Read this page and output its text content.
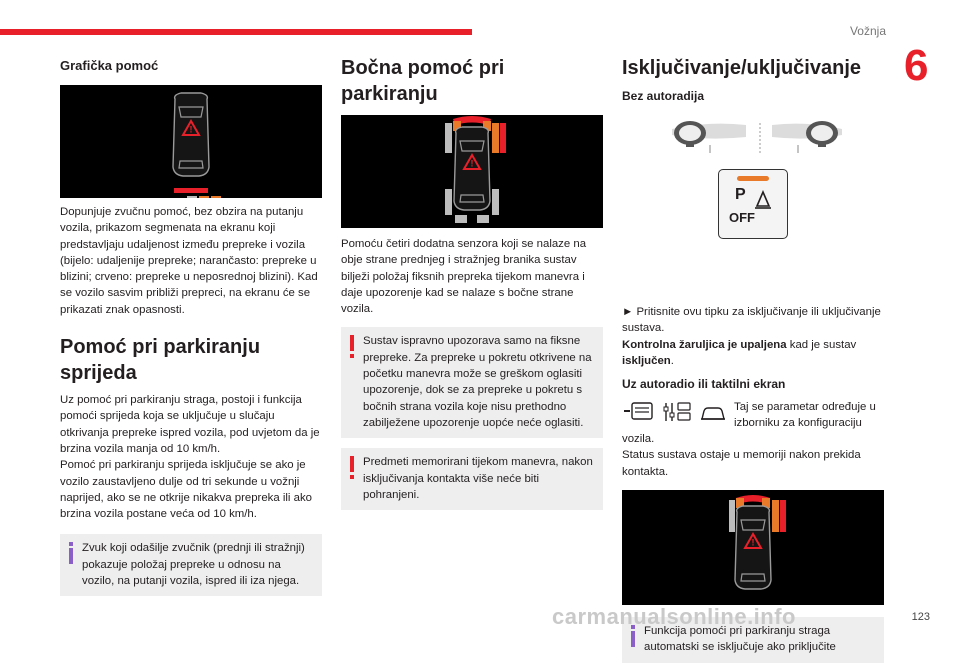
Vožnja
6

Grafička pomoć

!

Dopunjuje zvučnu pomoć, bez obzira na putanju vozila, prikazom segmenata na ekranu koji predstavljaju udaljenost između prepreke i vozila (bijelo: udaljenije prepreke; narančasto: prepreke u blizini; crveno: prepreke u neposrednoj blizini). Kad se vozilo sasvim približi prepreci, na ekranu će se prikazati znak opasnosti.

Pomoć pri parkiranju sprijeda

Uz pomoć pri parkiranju straga, postoji i funkcija pomoći sprijeda koja se uključuje u slučaju otkrivanja prepreke ispred vozila, pod uvjetom da je brzina vozila manja od 10 km/h.

Pomoć pri parkiranju sprijeda isključuje se ako je vozilo zaustavljeno dulje od tri sekunde u vožnji naprijed, ako se ne otkrije nikakva prepreka ili ako brzina vozila postane veća od 10 km/h.

Zvuk koji odašilje zvučnik (prednji ili stražnji) pokazuje položaj prepreke u odnosu na vozilo, na putanji vozila, ispred ili iza njega.

Bočna pomoć pri parkiranju

!

Pomoću četiri dodatna senzora koji se nalaze na obje strane prednjeg i stražnjeg branika sustav bilježi položaj fiksnih prepreka tijekom manevra i daje upozorenje kad se nalaze s bočne strane vozila.

Sustav ispravno upozorava samo na fiksne prepreke. Za prepreke u pokretu otkrivene na početku manevra može se greškom oglasiti upozorenje, dok se za prepreke u pokretu s bočnih strana vozila koje nisu prethodno zabilježene upozorenje uopće neće oglasiti.
Predmeti memorirani tijekom manevra, nakon isključivanja kontakta više neće biti pohranjeni.

Isključivanje/uključivanje

Bez autoradija

P
OFF

► Pritisnite ovu tipku za isključivanje ili uključivanje sustava.

Kontrolna žaruljica je upaljena kad je sustav
isključen.

Uz autoradio ili taktilni ekran

Taj se parametar određuje u izborniku za konfiguraciju

vozila.

Status sustava ostaje u memoriji nakon prekida kontakta.

!
Funkcija pomoći pri parkiranju straga automatski se isključuje ako priključite
carmanualsonline.info	123
